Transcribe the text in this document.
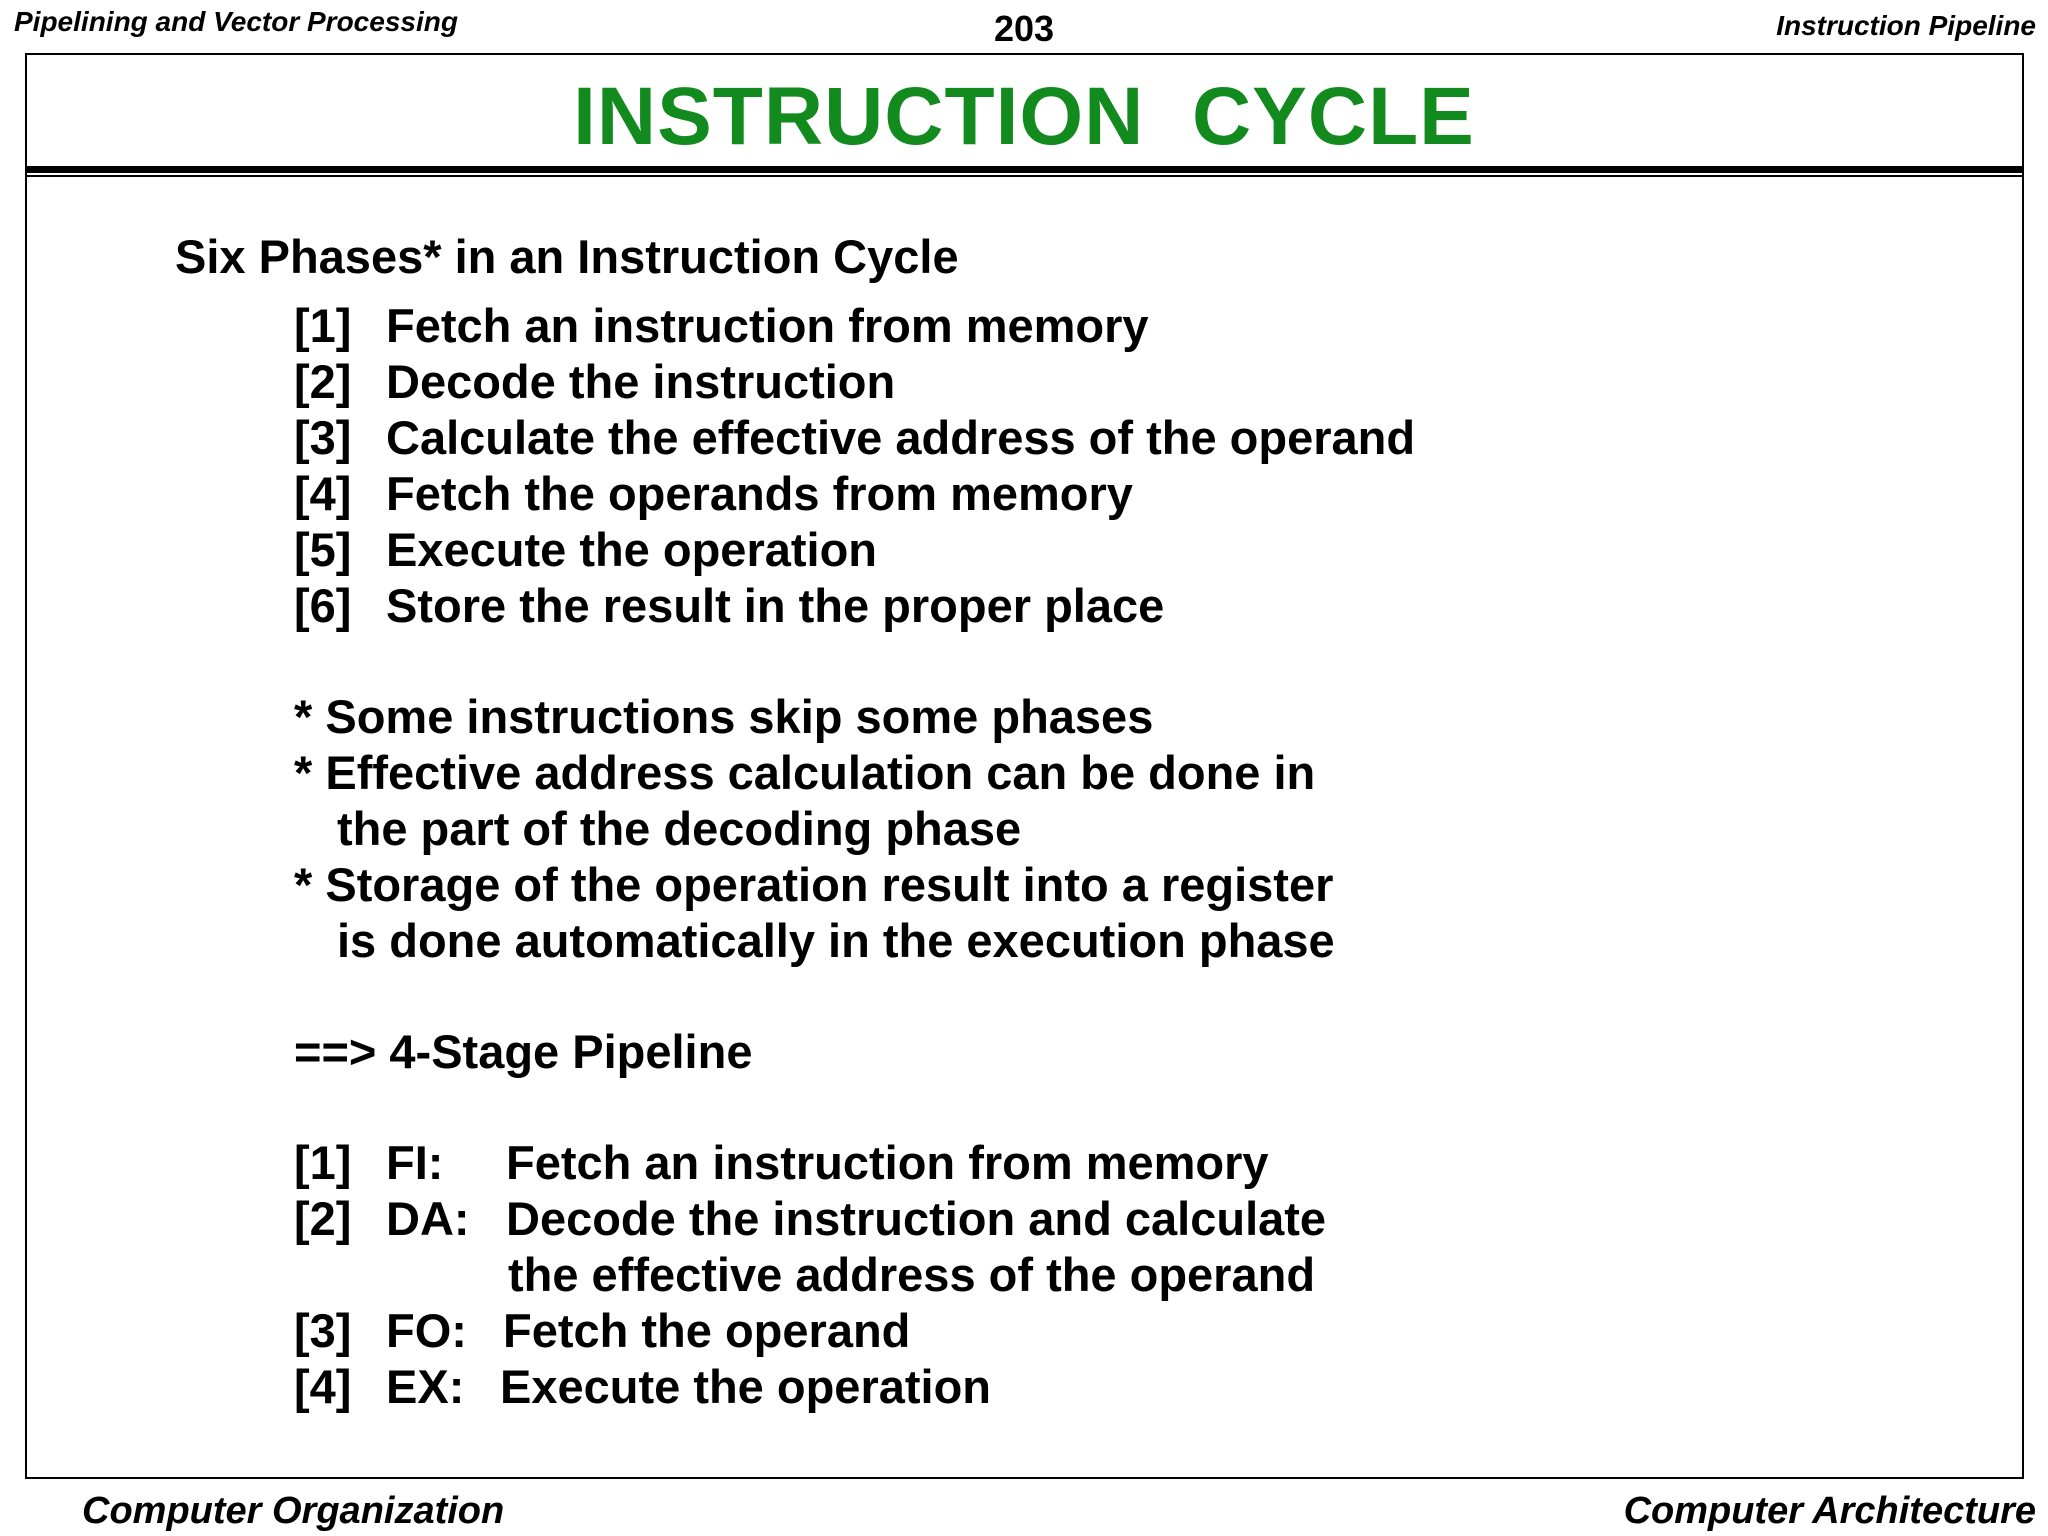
Pipelining and Vector Processing	203	Instruction Pipeline
INSTRUCTION  CYCLE
Six Phases* in an Instruction Cycle
[1] Fetch an instruction from memory
[2] Decode the instruction
[3] Calculate the effective address of the operand
[4] Fetch the operands from memory
[5] Execute the operation
[6] Store the result in the proper place
* Some instructions skip some phases
* Effective address calculation can be done in
the part of the decoding phase
* Storage of the operation result into a register
is done automatically in the execution phase
==> 4-Stage Pipeline
[1] FI: Fetch an instruction from memory
[2] DA: Decode the instruction and calculate
the effective address of the operand
[3] FO: Fetch the operand
[4] EX: Execute the operation
Computer Organization	Computer Architecture
